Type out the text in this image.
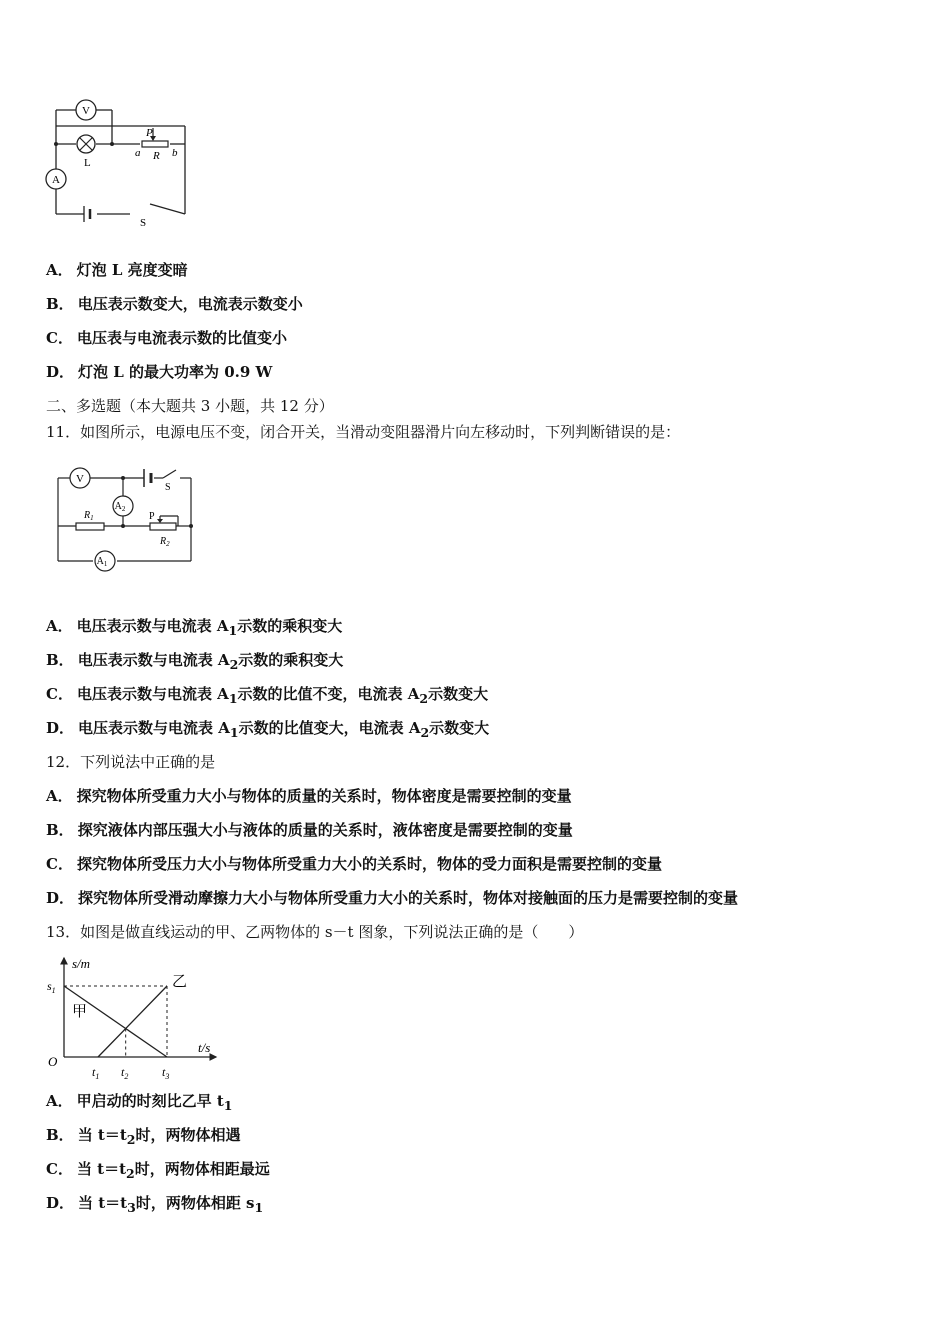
V
L
A
P
R
a	b
S
A． 灯泡 L 亮度变暗
B． 电压表示数变大，电流表示数变小
C． 电压表与电流表示数的比值变小
D． 灯泡 L 的最大功率为 0.9 W
二、多选题（本大题共 3 小题，共 12 分）
11．如图所示，电源电压不变，闭合开关，当滑动变阻器滑片向左移动时，下列判断错误的是：
V
$A_2$
$A_1$
$R_1$	P
$R_2$
S
A． 电压表示数与电流表 $A_1$示数的乘积变大
B． 电压表示数与电流表 $A_2$示数的乘积变大
C． 电压表示数与电流表 $A_1$示数的比值不变，电流表 $A_2$示数变大
D． 电压表示数与电流表 $A_1$示数的比值变大，电流表 $A_2$示数变大
12．下列说法中正确的是
A． 探究物体所受重力大小与物体的质量的关系时，物体密度是需要控制的变量
B． 探究液体内部压强大小与液体的质量的关系时，液体密度是需要控制的变量
C． 探究物体所受压力大小与物体所受重力大小的关系时，物体的受力面积是需要控制的变量
D． 探究物体所受滑动摩擦力大小与物体所受重力大小的关系时，物体对接触面的压力是需要控制的变量
13．如图是做直线运动的甲、乙两物体的 s－t 图象，下列说法正确的是（　　）
s/m
t/s
O
$s_1$
$t_1$ $t_2$	$t_3$
甲
乙
A． 甲启动的时刻比乙早 $t_1$
B． 当 $t=t_2$时，两物体相遇
C． 当 $t=t_2$时，两物体相距最远
D． 当 $t=t_3$时，两物体相距 $s_1$
